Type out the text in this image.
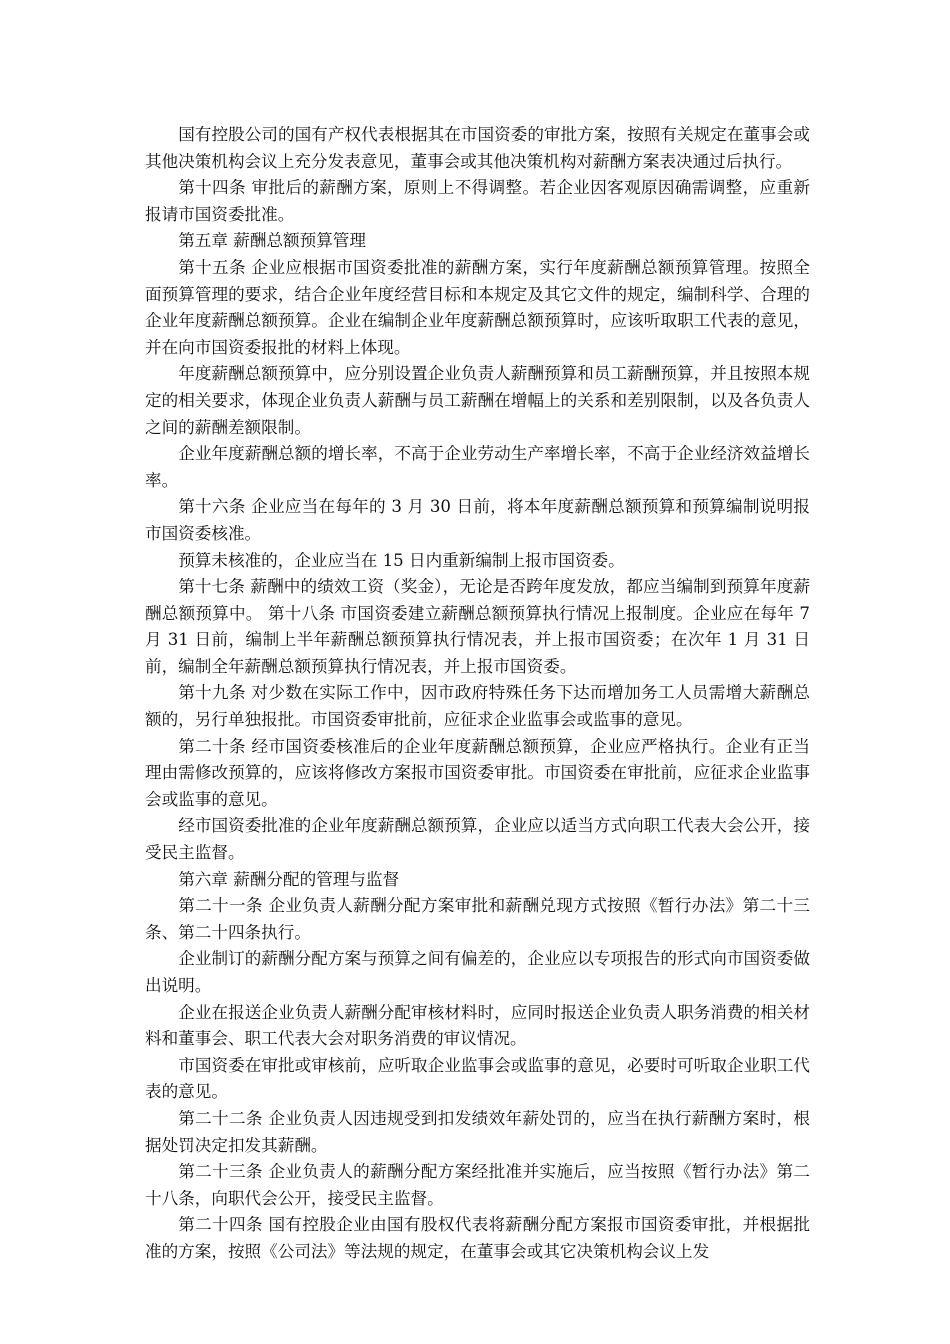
国有控股公司的国有产权代表根据其在市国资委的审批方案，按照有关规定在董事会或其他决策机构会议上充分发表意见，董事会或其他决策机构对薪酬方案表决通过后执行。

第十四条 审批后的薪酬方案，原则上不得调整。若企业因客观原因确需调整，应重新报请市国资委批准。

第五章 薪酬总额预算管理

第十五条 企业应根据市国资委批准的薪酬方案，实行年度薪酬总额预算管理。按照全面预算管理的要求，结合企业年度经营目标和本规定及其它文件的规定，编制科学、合理的企业年度薪酬总额预算。企业在编制企业年度薪酬总额预算时，应该听取职工代表的意见，并在向市国资委报批的材料上体现。

年度薪酬总额预算中，应分别设置企业负责人薪酬预算和员工薪酬预算，并且按照本规定的相关要求，体现企业负责人薪酬与员工薪酬在增幅上的关系和差别限制，以及各负责人之间的薪酬差额限制。

企业年度薪酬总额的增长率，不高于企业劳动生产率增长率，不高于企业经济效益增长率。

第十六条 企业应当在每年的 3 月 30 日前，将本年度薪酬总额预算和预算编制说明报市国资委核准。

预算未核准的，企业应当在 15 日内重新编制上报市国资委。

第十七条 薪酬中的绩效工资（奖金），无论是否跨年度发放，都应当编制到预算年度薪酬总额预算中。 第十八条 市国资委建立薪酬总额预算执行情况上报制度。企业应在每年 7 月 31 日前，编制上半年薪酬总额预算执行情况表，并上报市国资委；在次年 1 月 31 日前，编制全年薪酬总额预算执行情况表，并上报市国资委。

第十九条 对少数在实际工作中，因市政府特殊任务下达而增加务工人员需增大薪酬总额的，另行单独报批。市国资委审批前，应征求企业监事会或监事的意见。

第二十条 经市国资委核准后的企业年度薪酬总额预算，企业应严格执行。企业有正当理由需修改预算的，应该将修改方案报市国资委审批。市国资委在审批前，应征求企业监事会或监事的意见。

经市国资委批准的企业年度薪酬总额预算，企业应以适当方式向职工代表大会公开，接受民主监督。

第六章 薪酬分配的管理与监督

第二十一条 企业负责人薪酬分配方案审批和薪酬兑现方式按照《暂行办法》第二十三条、第二十四条执行。

企业制订的薪酬分配方案与预算之间有偏差的，企业应以专项报告的形式向市国资委做出说明。

企业在报送企业负责人薪酬分配审核材料时，应同时报送企业负责人职务消费的相关材料和董事会、职工代表大会对职务消费的审议情况。

市国资委在审批或审核前，应听取企业监事会或监事的意见，必要时可听取企业职工代表的意见。

第二十二条 企业负责人因违规受到扣发绩效年薪处罚的，应当在执行薪酬方案时，根据处罚决定扣发其薪酬。

第二十三条 企业负责人的薪酬分配方案经批准并实施后，应当按照《暂行办法》第二十八条，向职代会公开，接受民主监督。

第二十四条 国有控股企业由国有股权代表将薪酬分配方案报市国资委审批，并根据批准的方案，按照《公司法》等法规的规定，在董事会或其它决策机构会议上发
